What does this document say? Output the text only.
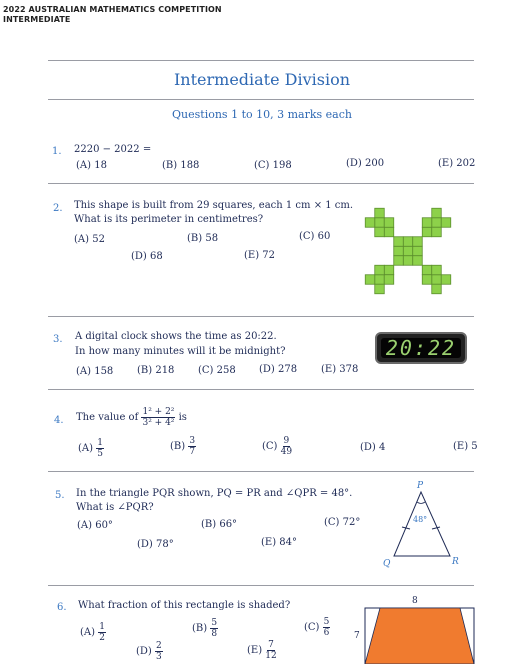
2022 AUSTRALIAN MATHEMATICS COMPETITION
INTERMEDIATE
Intermediate Division
Questions 1 to 10, 3 marks each
1. 2220 − 2022 =
(A) 18	(B) 188	(C) 198	(D) 200	(E) 202
2. This shape is built from 29 squares, each 1 cm × 1 cm.
What is its perimeter in centimetres?
(A) 52	(B) 58	(C) 60
(D) 68	(E) 72
3. A digital clock shows the time as 20:22.
In how many minutes will it be midnight?
(A) 158 (B) 218 (C) 258 (D) 278 (E) 378
20:22
4. The value of $\frac{\text{1² + 2²}}{\text{3² + 4²}}$ is
$(A) \frac{1}{5}$	$(B) \frac{3}{7}$	$(C) \frac{9}{49}$	(D) 4	(E) 5
5. In the triangle PQR shown, PQ = PR and ∠QPR = 48°.
What is ∠PQR?
(A) 60°	(B) 66°	(C) 72°
(D) 78°	(E) 84°
P
48°
Q	R
6. What fraction of this rectangle is shaded?
$(A) \frac{1}{2}$	$(B) \frac{5}{8}$	$(C) \frac{5}{6}$
$(D) \frac{2}{3}$	$(E) \frac{7}{12}$
8
7
